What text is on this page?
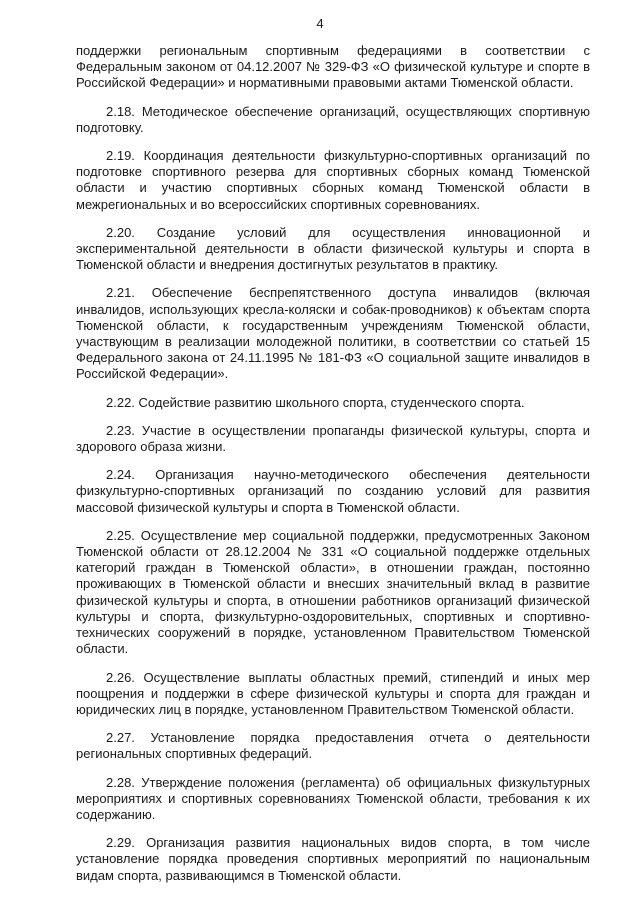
4

поддержки региональным спортивным федерациями в соответствии с Федеральным законом от 04.12.2007 № 329-ФЗ «О физической культуре и спорте в Российской Федерации» и нормативными правовыми актами Тюменской области.

2.18. Методическое обеспечение организаций, осуществляющих спортивную подготовку.

2.19. Координация деятельности физкультурно-спортивных организаций по подготовке спортивного резерва для спортивных сборных команд Тюменской области и участию спортивных сборных команд Тюменской области в межрегиональных и во всероссийских спортивных соревнованиях.

2.20. Создание условий для осуществления инновационной и экспериментальной деятельности в области физической культуры и спорта в Тюменской области и внедрения достигнутых результатов в практику.

2.21. Обеспечение беспрепятственного доступа инвалидов (включая инвалидов, использующих кресла-коляски и собак-проводников) к объектам спорта Тюменской области, к государственным учреждениям Тюменской области, участвующим в реализации молодежной политики, в соответствии со статьей 15 Федерального закона от 24.11.1995 № 181-ФЗ «О социальной защите инвалидов в Российской Федерации».

2.22. Содействие развитию школьного спорта, студенческого спорта.

2.23. Участие в осуществлении пропаганды физической культуры, спорта и здорового образа жизни.

2.24. Организация научно-методического обеспечения деятельности физкультурно-спортивных организаций по созданию условий для развития массовой физической культуры и спорта в Тюменской области.

2.25. Осуществление мер социальной поддержки, предусмотренных Законом Тюменской области от 28.12.2004 № 331 «О социальной поддержке отдельных категорий граждан в Тюменской области», в отношении граждан, постоянно проживающих в Тюменской области и внесших значительный вклад в развитие физической культуры и спорта, в отношении работников организаций физической культуры и спорта, физкультурно-оздоровительных, спортивных и спортивно-технических сооружений в порядке, установленном Правительством Тюменской области.

2.26. Осуществление выплаты областных премий, стипендий и иных мер поощрения и поддержки в сфере физической культуры и спорта для граждан и юридических лиц в порядке, установленном Правительством Тюменской области.

2.27. Установление порядка предоставления отчета о деятельности региональных спортивных федераций.

2.28. Утверждение положения (регламента) об официальных физкультурных мероприятиях и спортивных соревнованиях Тюменской области, требования к их содержанию.

2.29. Организация развития национальных видов спорта, в том числе установление порядка проведения спортивных мероприятий по национальным видам спорта, развивающимся в Тюменской области.
